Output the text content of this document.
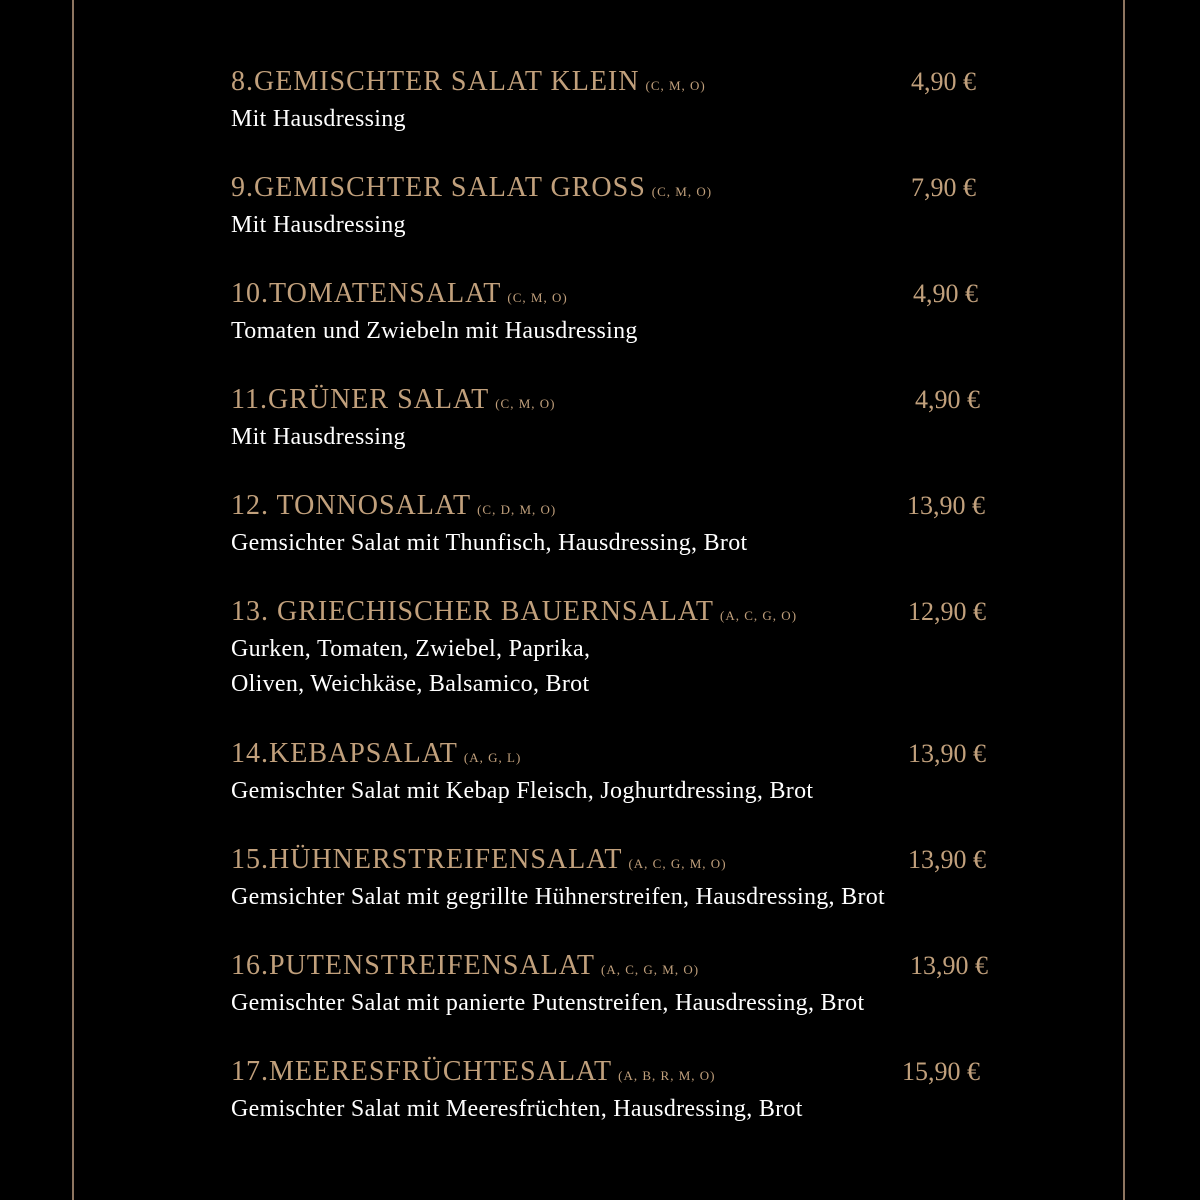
8.GEMISCHTER SALAT KLEIN (C, M, O)	4,90 €
Mit Hausdressing
9.GEMISCHTER SALAT GROSS (C, M, O)	7,90 €
Mit Hausdressing
10.TOMATENSALAT (C, M, O)	4,90 €
Tomaten und Zwiebeln mit Hausdressing
11.GRÜNER SALAT (C, M, O)	4,90 €
Mit Hausdressing
12. TONNOSALAT (C, D, M, O)	13,90 €
Gemsichter Salat mit Thunfisch, Hausdressing, Brot
13. GRIECHISCHER BAUERNSALAT (A, C, G, O)	12,90 €
Gurken, Tomaten, Zwiebel, Paprika,
Oliven, Weichkäse, Balsamico, Brot
14.KEBAPSALAT (A, G, L)	13,90 €
Gemischter Salat mit Kebap Fleisch, Joghurtdressing, Brot
15.HÜHNERSTREIFENSALAT (A, C, G, M, O)	13,90 €
Gemsichter Salat mit gegrillte Hühnerstreifen, Hausdressing, Brot
16.PUTENSTREIFENSALAT (A, C, G, M, O)	13,90 €
Gemischter Salat mit panierte Putenstreifen, Hausdressing, Brot
17.MEERESFRÜCHTESALAT (A, B, R, M, O)	15,90 €
Gemischter Salat mit Meeresfrüchten, Hausdressing, Brot
